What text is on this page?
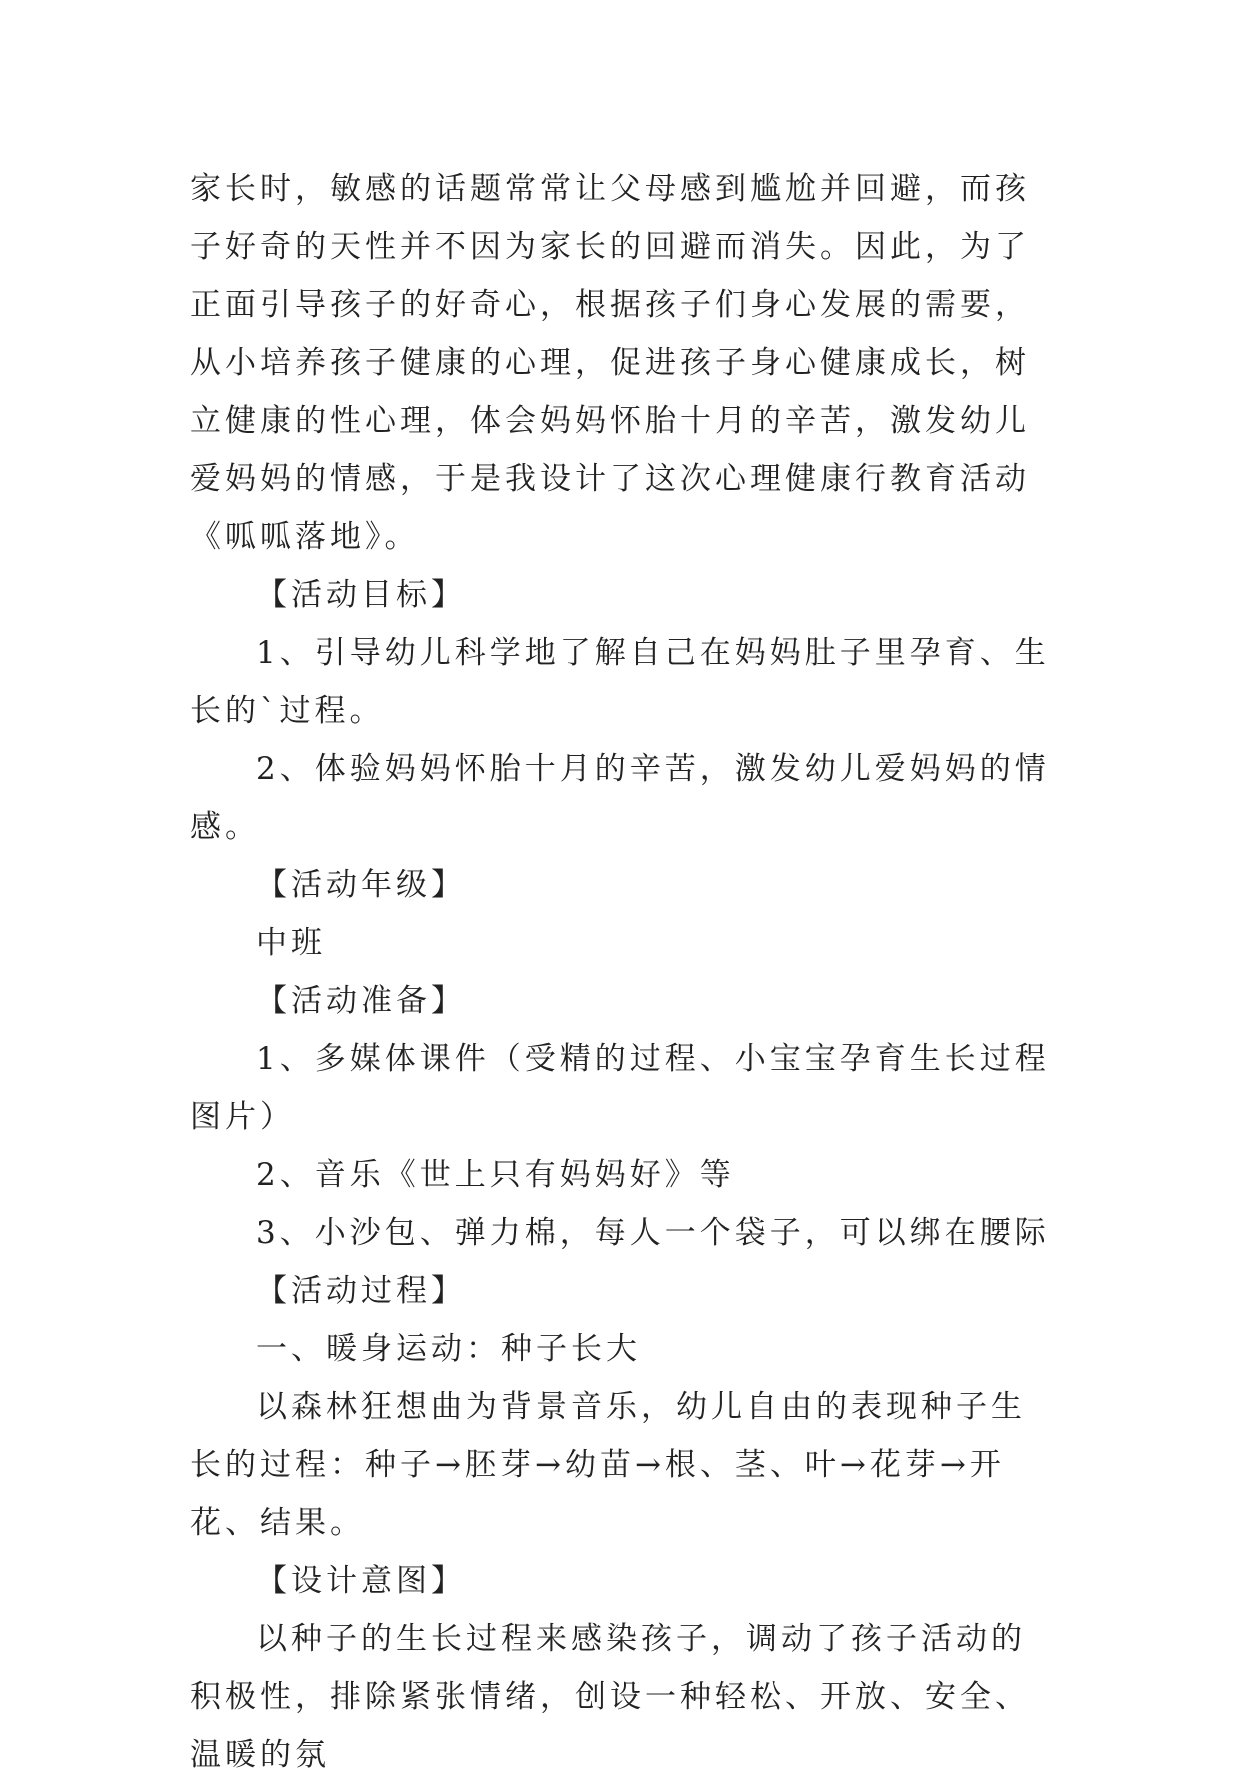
家长时，敏感的话题常常让父母感到尴尬并回避，而孩子好奇的天性并不因为家长的回避而消失。因此，为了正面引导孩子的好奇心，根据孩子们身心发展的需要，从小培养孩子健康的心理，促进孩子身心健康成长，树立健康的性心理，体会妈妈怀胎十月的辛苦，激发幼儿爱妈妈的情感，于是我设计了这次心理健康行教育活动《呱呱落地》。

【活动目标】

1、引导幼儿科学地了解自己在妈妈肚子里孕育、生长的`过程。

2、体验妈妈怀胎十月的辛苦，激发幼儿爱妈妈的情感。

【活动年级】

中班

【活动准备】

1、多媒体课件（受精的过程、小宝宝孕育生长过程图片）

2、音乐《世上只有妈妈好》等

3、小沙包、弹力棉，每人一个袋子，可以绑在腰际

【活动过程】

一、暖身运动：种子长大

以森林狂想曲为背景音乐，幼儿自由的表现种子生长的过程：种子→胚芽→幼苗→根、茎、叶→花芽→开花、结果。

【设计意图】

以种子的生长过程来感染孩子，调动了孩子活动的积极性，排除紧张情绪，创设一种轻松、开放、安全、温暖的氛
